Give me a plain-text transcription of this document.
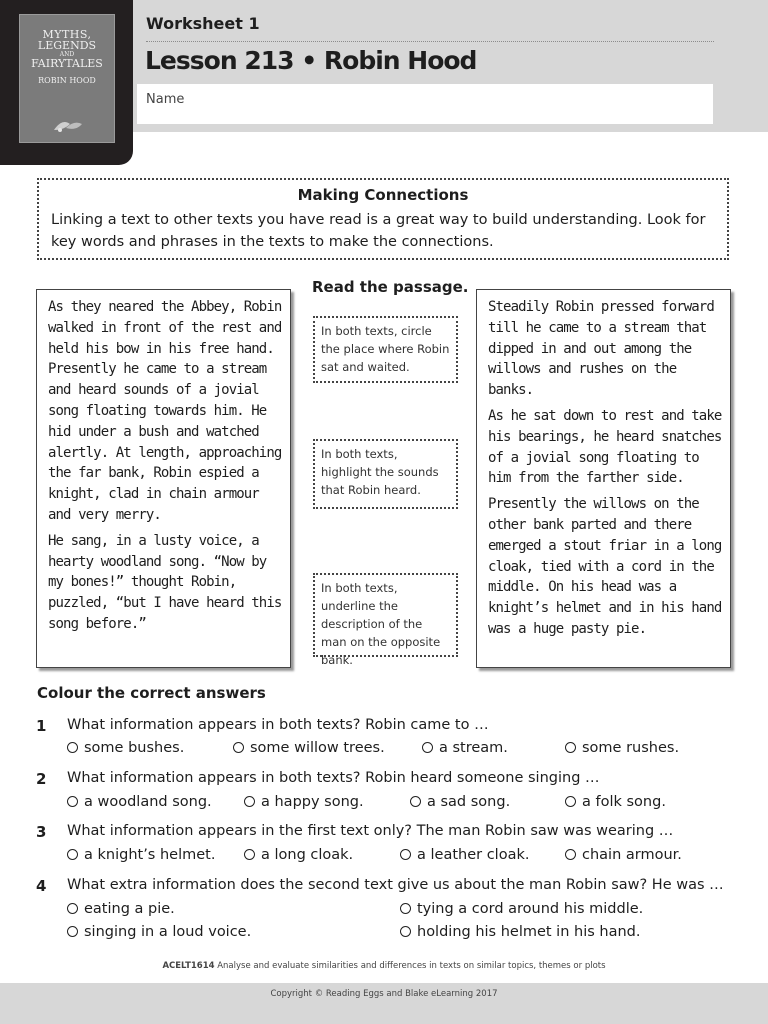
MYTHS,
LEGENDS
AND
FAIRYTALES
ROBIN HOOD
Worksheet 1
Lesson 213 • Robin Hood
Name
Making Connections
Linking a text to other texts you have read is a great way to build understanding. Look for key words and phrases in the texts to make the connections.
Read the passage.

As they neared the Abbey, Robin walked in front of the rest and held his bow in his free hand. Presently he came to a stream and heard sounds of a jovial song floating towards him. He hid under a bush and watched alertly. At length, approaching the far bank, Robin espied a knight, clad in chain armour and very merry.

He sang, in a lusty voice, a hearty woodland song. “Now by my bones!” thought Robin, puzzled, “but I have heard this song before.”

Steadily Robin pressed forward till he came to a stream that dipped in and out among the willows and rushes on the banks.

As he sat down to rest and take his bearings, he heard snatches of a jovial song floating to him from the farther side.

Presently the willows on the other bank parted and there emerged a stout friar in a long cloak, tied with a cord in the middle. On his head was a knight’s helmet and in his hand was a huge pasty pie.

In both texts, circle the place where Robin sat and waited.
In both texts, highlight the sounds that Robin heard.
In both texts, underline the description of the man on the opposite bank.
Colour the correct answers
1 What information appears in both texts? Robin came to …
some bushes.	some willow trees.	a stream.	some rushes.
2 What information appears in both texts? Robin heard someone singing …
a woodland song.	a happy song.	a sad song.	a folk song.
3 What information appears in the first text only? The man Robin saw was wearing …
a knight’s helmet.	a long cloak.	a leather cloak.	chain armour.
4 What extra information does the second text give us about the man Robin saw? He was …
eating a pie.	tying a cord around his middle.
singing in a loud voice.	holding his helmet in his hand.
ACELT1614 Analyse and evaluate similarities and differences in texts on similar topics, themes or plots
Copyright © Reading Eggs and Blake eLearning 2017
